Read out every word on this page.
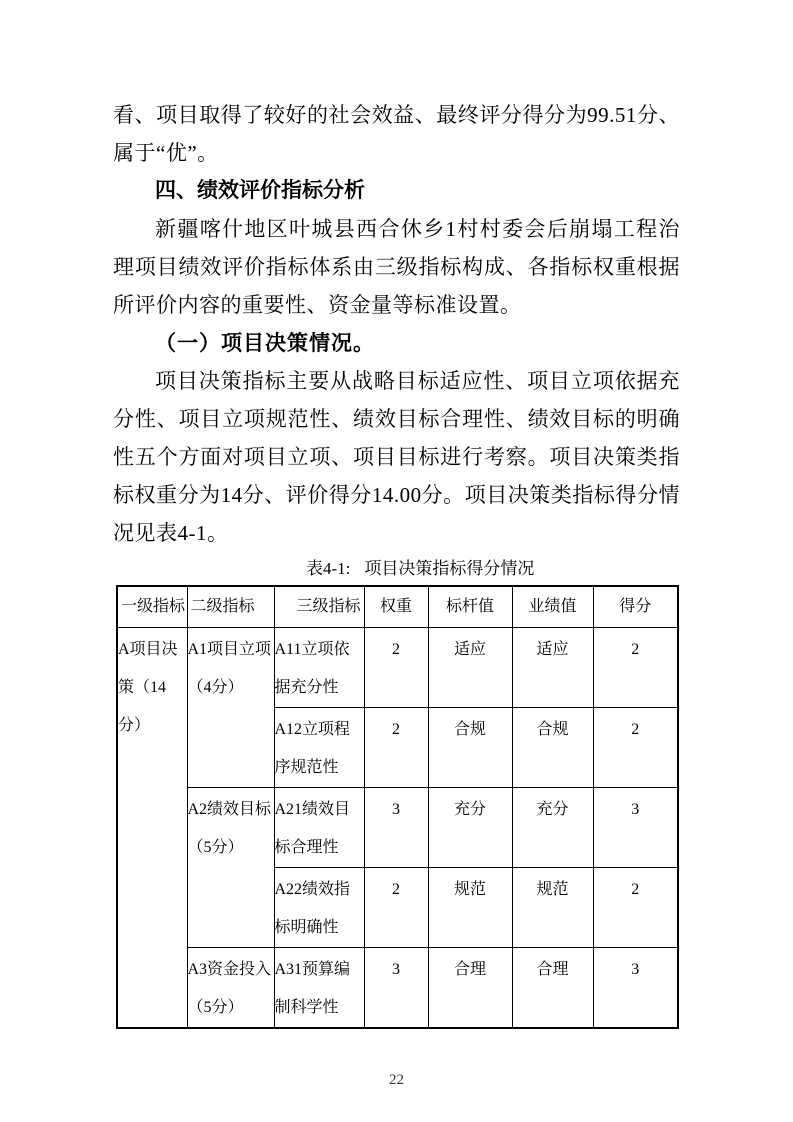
看、项目取得了较好的社会效益、最终评分得分为99.51分、属于“优”。

四、绩效评价指标分析

新疆喀什地区叶城县西合休乡1村村委会后崩塌工程治理项目绩效评价指标体系由三级指标构成、各指标权重根据所评价内容的重要性、资金量等标准设置。

（一）项目决策情况。

项目决策指标主要从战略目标适应性、项目立项依据充分性、项目立项规范性、绩效目标合理性、绩效目标的明确性五个方面对项目立项、项目目标进行考察。项目决策类指标权重分为14分、评价得分14.00分。项目决策类指标得分情况见表4-1。

表4-1: 项目决策指标得分情况
一级指标	二级指标	三级指标	权重	标杆值	业绩值	得分
A项目决策（14分）	A1项目立项（4分）	A11立项依据充分性	2	适应	适应	2
		A12立项程序规范性	2	合规	合规	2
	A2绩效目标（5分）	A21绩效目标合理性	3	充分	充分	3
		A22绩效指标明确性	2	规范	规范	2
	A3资金投入（5分）	A31预算编制科学性	3	合理	合理	3
22
